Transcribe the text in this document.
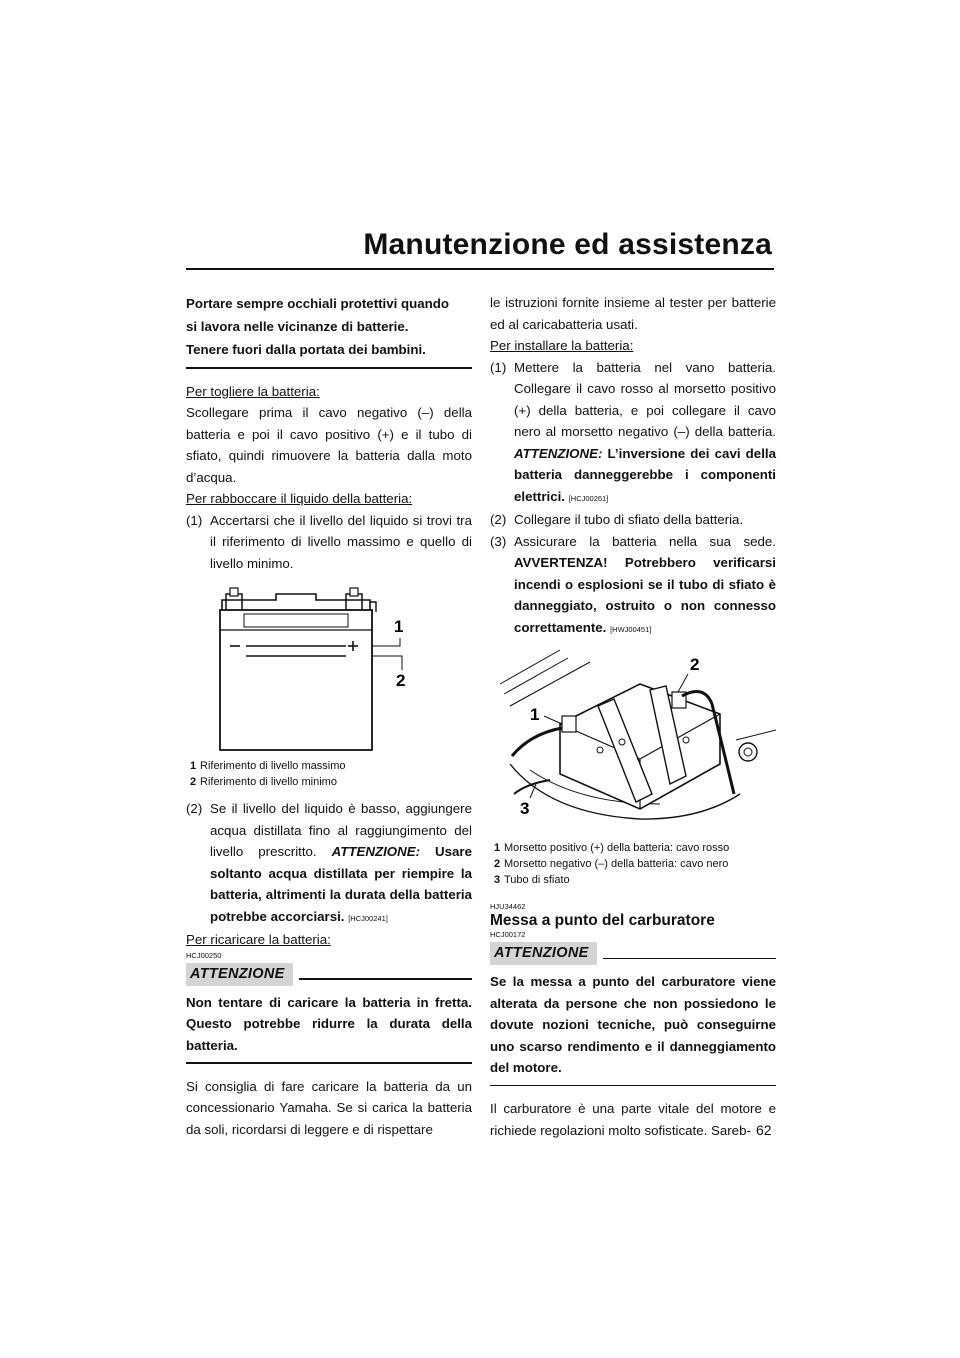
Manutenzione ed assistenza

Portare sempre occhiali protettivi quando
si lavora nelle vicinanze di batterie.
Tenere fuori dalla portata dei bambini.

Per togliere la batteria:

Scollegare prima il cavo negativo (–) della batteria e poi il cavo positivo (+) e il tubo di sfiato, quindi rimuovere la batteria dalla moto d’acqua.

Per rabboccare il liquido della batteria:

(1) Accertarsi che il livello del liquido si trovi tra il riferimento di livello massimo e quello di livello minimo.
1
2
1 Riferimento di livello massimo
2 Riferimento di livello minimo
(2) Se il livello del liquido è basso, aggiungere acqua distillata fino al raggiungimento del livello prescritto. ATTENZIONE: Usare soltanto acqua distillata per riempire la batteria, altrimenti la durata della batteria potrebbe accorciarsi. [HCJ00241]

Per ricaricare la batteria:

HCJ00250
ATTENZIONE

Non tentare di caricare la batteria in fretta. Questo potrebbe ridurre la durata della batteria.

Si consiglia di fare caricare la batteria da un concessionario Yamaha. Se si carica la batteria da soli, ricordarsi di leggere e di rispettare

le istruzioni fornite insieme al tester per batterie ed al caricabatteria usati.

Per installare la batteria:

(1) Mettere la batteria nel vano batteria. Collegare il cavo rosso al morsetto positivo (+) della batteria, e poi collegare il cavo nero al morsetto negativo (–) della batteria. ATTENZIONE: L’inversione dei cavi della batteria danneggerebbe i componenti elettrici. [HCJ00261]
(2) Collegare il tubo di sfiato della batteria.
(3) Assicurare la batteria nella sua sede. AVVERTENZA! Potrebbero verificarsi incendi o esplosioni se il tubo di sfiato è danneggiato, ostruito o non connesso correttamente. [HWJ00451]
2
1
3
1 Morsetto positivo (+) della batteria: cavo rosso
2 Morsetto negativo (–) della batteria: cavo nero
3 Tubo di sfiato
HJU34462
Messa a punto del carburatore
HCJ00172
ATTENZIONE

Se la messa a punto del carburatore viene alterata da persone che non possiedono le dovute nozioni tecniche, può conseguirne uno scarso rendimento e il danneggiamento del motore.

Il carburatore è una parte vitale del motore e richiede regolazioni molto sofisticate. Sareb- 62
